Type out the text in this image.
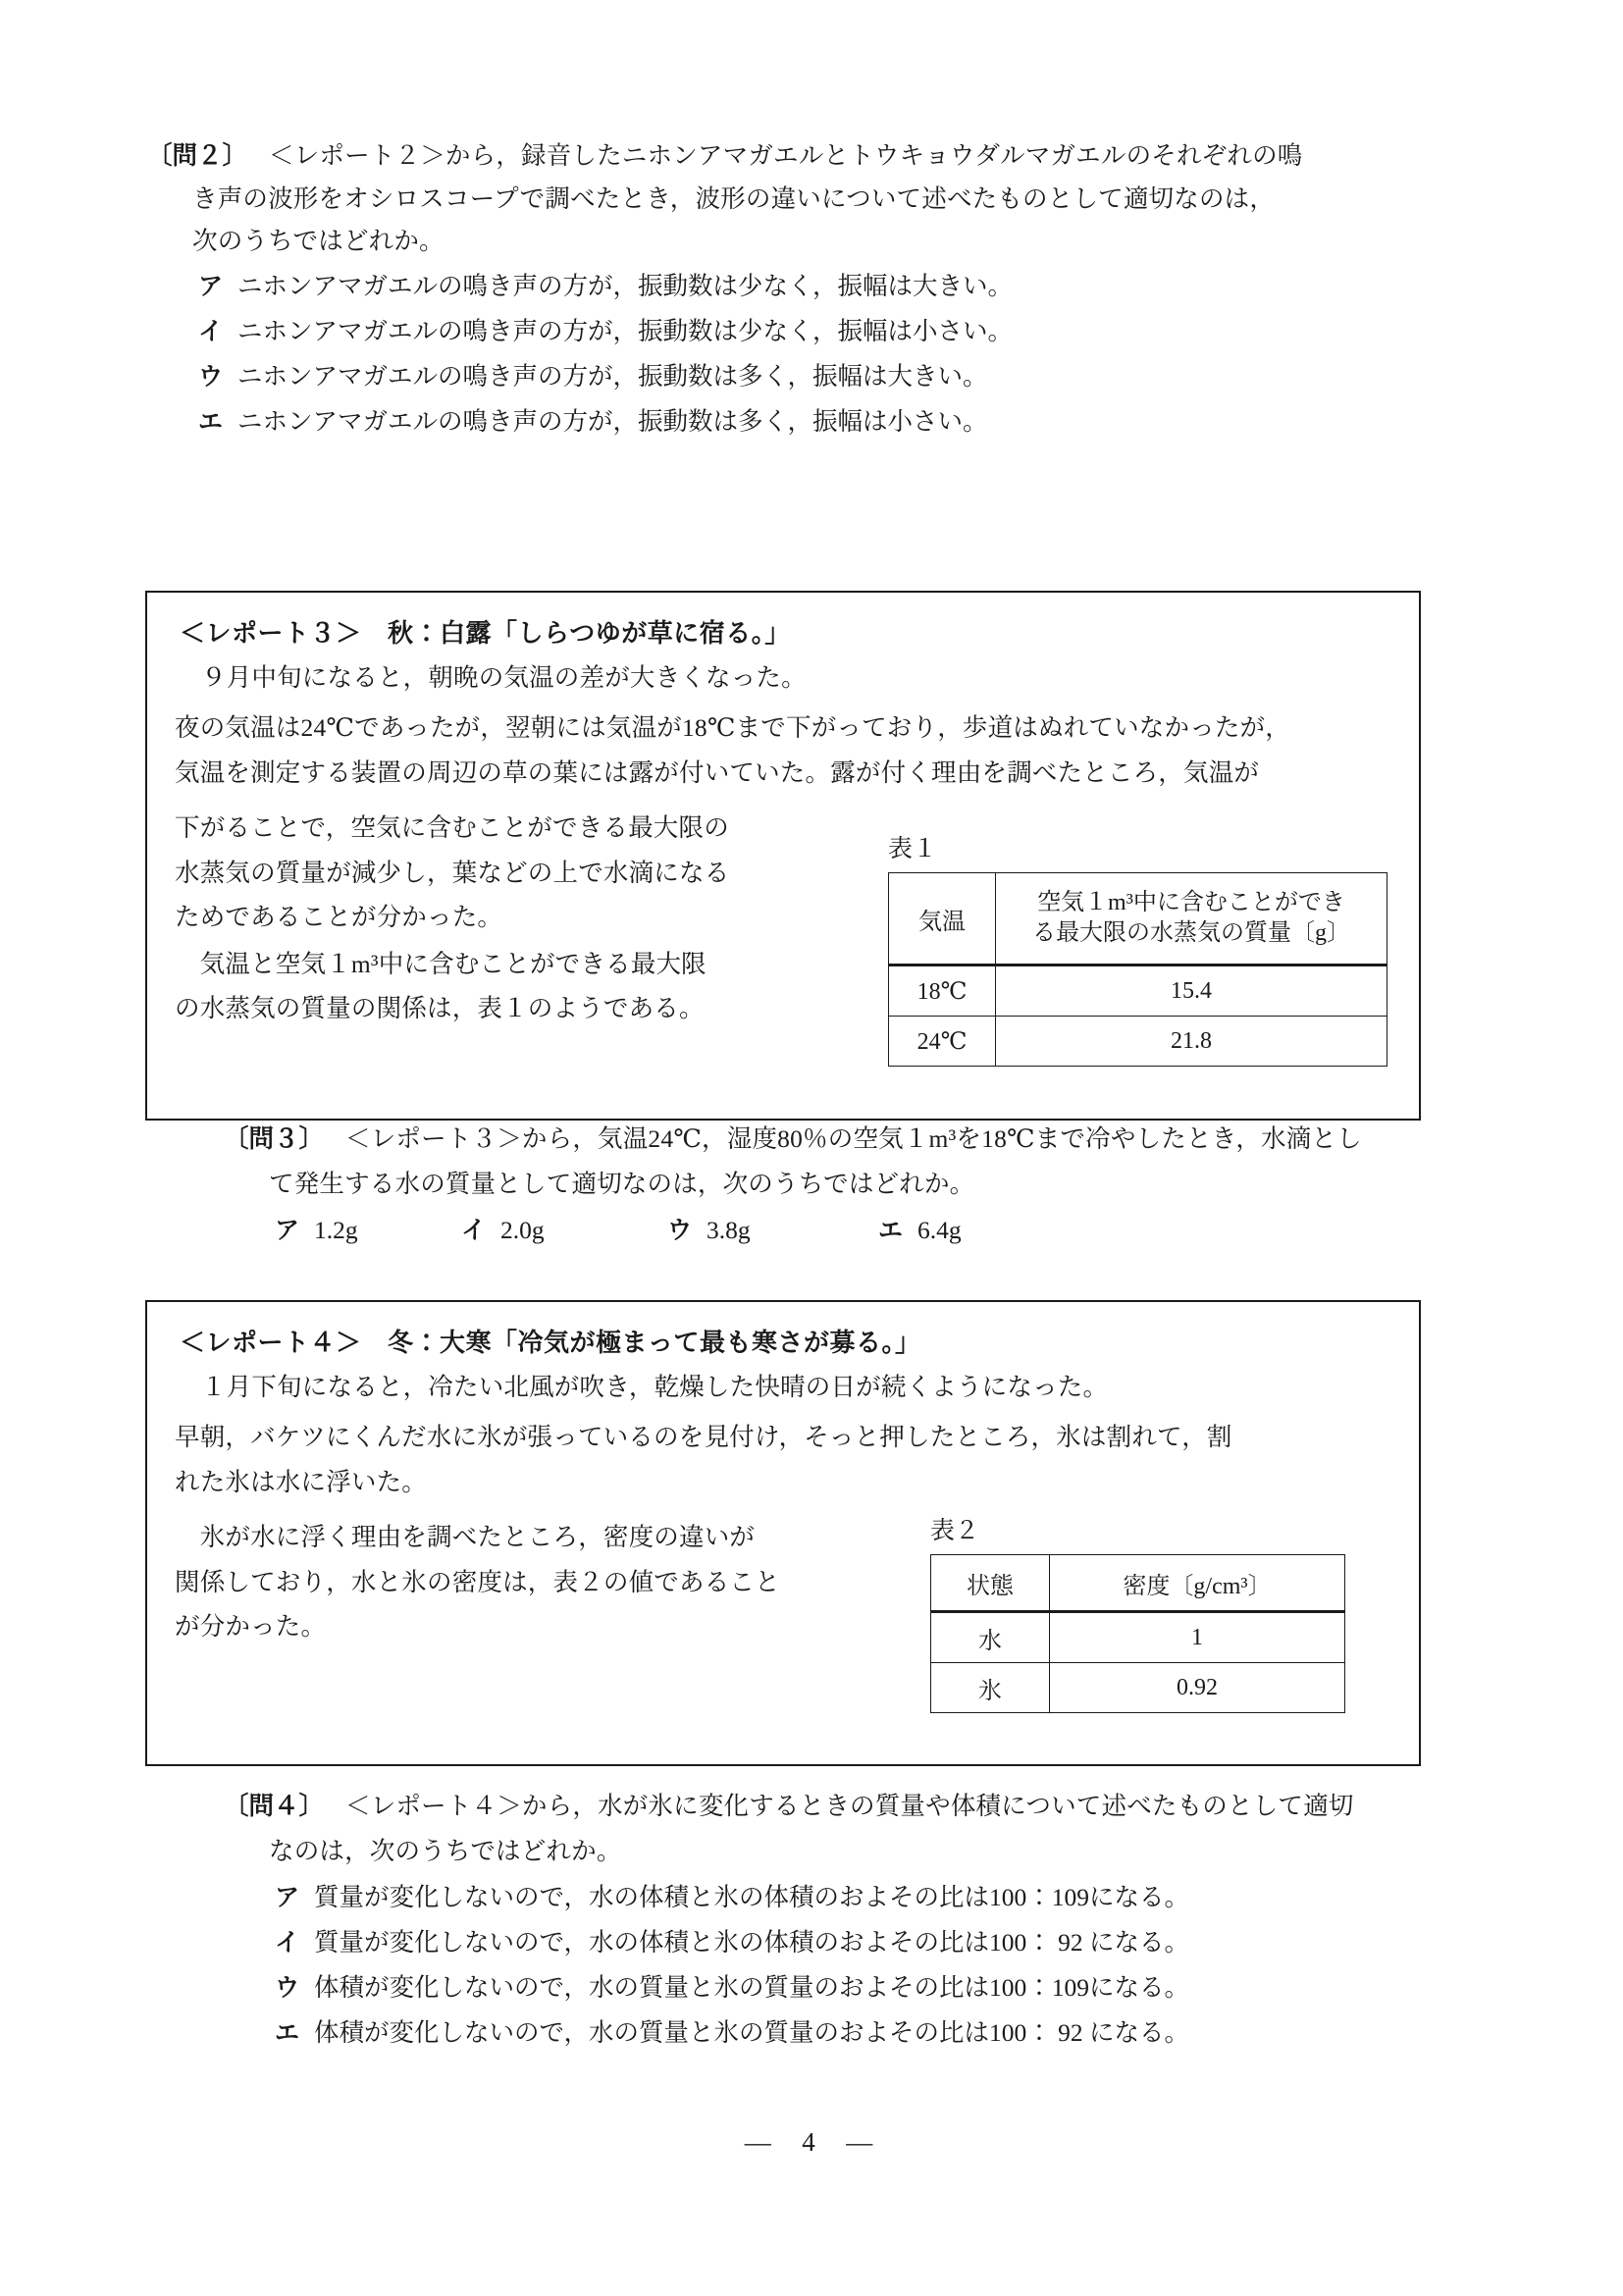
〔問２〕 ＜レポート２＞から，録音したニホンアマガエルとトウキョウダルマガエルのそれぞれの鳴
き声の波形をオシロスコープで調べたとき，波形の違いについて述べたものとして適切なのは，
次のうちではどれか。
ア ニホンアマガエルの鳴き声の方が，振動数は少なく，振幅は大きい。
イ ニホンアマガエルの鳴き声の方が，振動数は少なく，振幅は小さい。
ウ ニホンアマガエルの鳴き声の方が，振動数は多く，振幅は大きい。
エ ニホンアマガエルの鳴き声の方が，振動数は多く，振幅は小さい。
＜レポート３＞　秋：白露「しらつゆが草に宿る。」
９月中旬になると，朝晩の気温の差が大きくなった。
夜の気温は24℃であったが，翌朝には気温が18℃まで下がっており，歩道はぬれていなかったが，
気温を測定する装置の周辺の草の葉には露が付いていた。露が付く理由を調べたところ，気温が
下がることで，空気に含むことができる最大限の
水蒸気の質量が減少し，葉などの上で水滴になる
ためであることが分かった。
　気温と空気１m³中に含むことができる最大限
の水蒸気の質量の関係は，表１のようである。
表１
気温	空気１m³中に含むことができ
る最大限の水蒸気の質量〔g〕

18℃	15.4
24℃	21.8
〔問３〕 ＜レポート３＞から，気温24℃，湿度80％の空気１m³を18℃まで冷やしたとき，水滴とし
て発生する水の質量として適切なのは，次のうちではどれか。
ア 1.2g	イ 2.0g	ウ 3.8g	エ 6.4g
＜レポート４＞　冬：大寒「冷気が極まって最も寒さが募る。」
１月下旬になると，冷たい北風が吹き，乾燥した快晴の日が続くようになった。
早朝，バケツにくんだ水に氷が張っているのを見付け，そっと押したところ，氷は割れて，割
れた氷は水に浮いた。
　氷が水に浮く理由を調べたところ，密度の違いが
関係しており，水と氷の密度は，表２の値であること
が分かった。
表２
状態	密度〔g/cm³〕
水	1
氷	0.92
〔問４〕 ＜レポート４＞から，水が氷に変化するときの質量や体積について述べたものとして適切
なのは，次のうちではどれか。
ア 質量が変化しないので，水の体積と氷の体積のおよその比は100：109になる。
イ 質量が変化しないので，水の体積と氷の体積のおよその比は100： 92 になる。
ウ 体積が変化しないので，水の質量と氷の質量のおよその比は100：109になる。
エ 体積が変化しないので，水の質量と氷の質量のおよその比は100： 92 になる。
—  4  —
